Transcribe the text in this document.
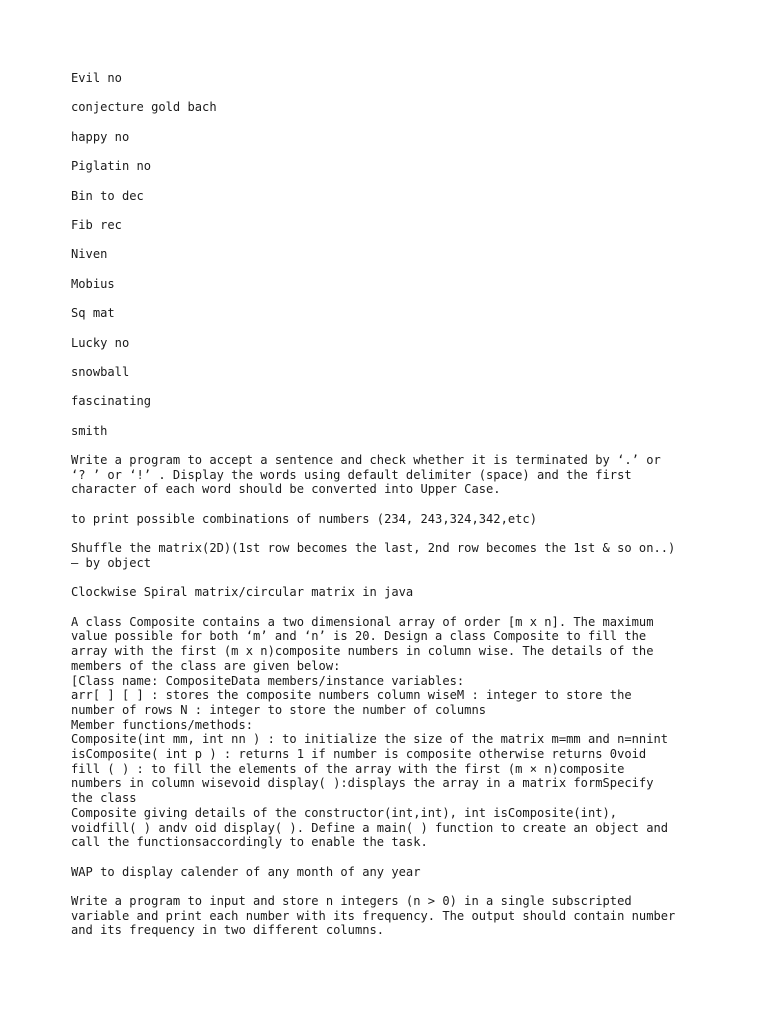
Evil no

conjecture gold bach

happy no

Piglatin no

Bin to dec

Fib rec

Niven

Mobius

Sq mat

Lucky no

snowball

fascinating

smith

Write a program to accept a sentence and check whether it is terminated by ‘.’ or
‘? ’ or ‘!’ . Display the words using default delimiter (space) and the first
character of each word should be converted into Upper Case.

to print possible combinations of numbers (234, 243,324,342,etc)

Shuffle the matrix(2D)(1st row becomes the last, 2nd row becomes the 1st & so on..)
— by object

Clockwise Spiral matrix/circular matrix in java

A class Composite contains a two dimensional array of order [m x n]. The maximum
value possible for both ‘m’ and ‘n’ is 20. Design a class Composite to fill the
array with the first (m x n)composite numbers in column wise. The details of the
members of the class are given below:
[Class name: CompositeData members/instance variables:
arr[ ] [ ] : stores the composite numbers column wiseM : integer to store the
number of rows N : integer to store the number of columns
Member functions/methods:
Composite(int mm, int nn ) : to initialize the size of the matrix m=mm and n=nnint
isComposite( int p ) : returns 1 if number is composite otherwise returns 0void
fill ( ) : to fill the elements of the array with the first (m × n)composite
numbers in column wisevoid display( ):displays the array in a matrix formSpecify
the class
Composite giving details of the constructor(int,int), int isComposite(int),
voidfill( ) andv oid display( ). Define a main( ) function to create an object and
call the functionsaccordingly to enable the task.

WAP to display calender of any month of any year

Write a program to input and store n integers (n > 0) in a single subscripted
variable and print each number with its frequency. The output should contain number
and its frequency in two different columns.
